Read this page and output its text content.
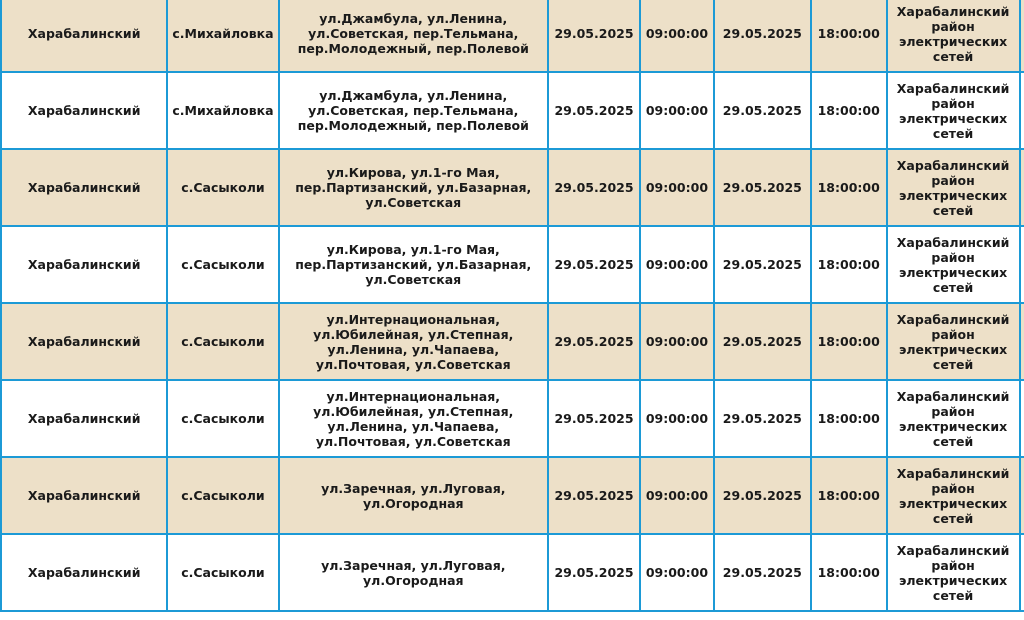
Харабалинский	с.Михайловка	ул.Джамбула, ул.Ленина, ул.Советская, пер.Тельмана, пер.Молодежный, пер.Полевой	29.05.2025	09:00:00	29.05.2025	18:00:00	Харабалинский район электрических сетей	
Харабалинский	с.Михайловка	ул.Джамбула, ул.Ленина, ул.Советская, пер.Тельмана, пер.Молодежный, пер.Полевой	29.05.2025	09:00:00	29.05.2025	18:00:00	Харабалинский район электрических сетей	
Харабалинский	с.Сасыколи	ул.Кирова, ул.1-го Мая, пер.Партизанский, ул.Базарная, ул.Советская	29.05.2025	09:00:00	29.05.2025	18:00:00	Харабалинский район электрических сетей	
Харабалинский	с.Сасыколи	ул.Кирова, ул.1-го Мая, пер.Партизанский, ул.Базарная, ул.Советская	29.05.2025	09:00:00	29.05.2025	18:00:00	Харабалинский район электрических сетей	
Харабалинский	с.Сасыколи	ул.Интернациональная, ул.Юбилейная, ул.Степная, ул.Ленина, ул.Чапаева, ул.Почтовая, ул.Советская	29.05.2025	09:00:00	29.05.2025	18:00:00	Харабалинский район электрических сетей	
Харабалинский	с.Сасыколи	ул.Интернациональная, ул.Юбилейная, ул.Степная, ул.Ленина, ул.Чапаева, ул.Почтовая, ул.Советская	29.05.2025	09:00:00	29.05.2025	18:00:00	Харабалинский район электрических сетей	
Харабалинский	с.Сасыколи	ул.Заречная, ул.Луговая, ул.Огородная	29.05.2025	09:00:00	29.05.2025	18:00:00	Харабалинский район электрических сетей	
Харабалинский	с.Сасыколи	ул.Заречная, ул.Луговая, ул.Огородная	29.05.2025	09:00:00	29.05.2025	18:00:00	Харабалинский район электрических сетей	
